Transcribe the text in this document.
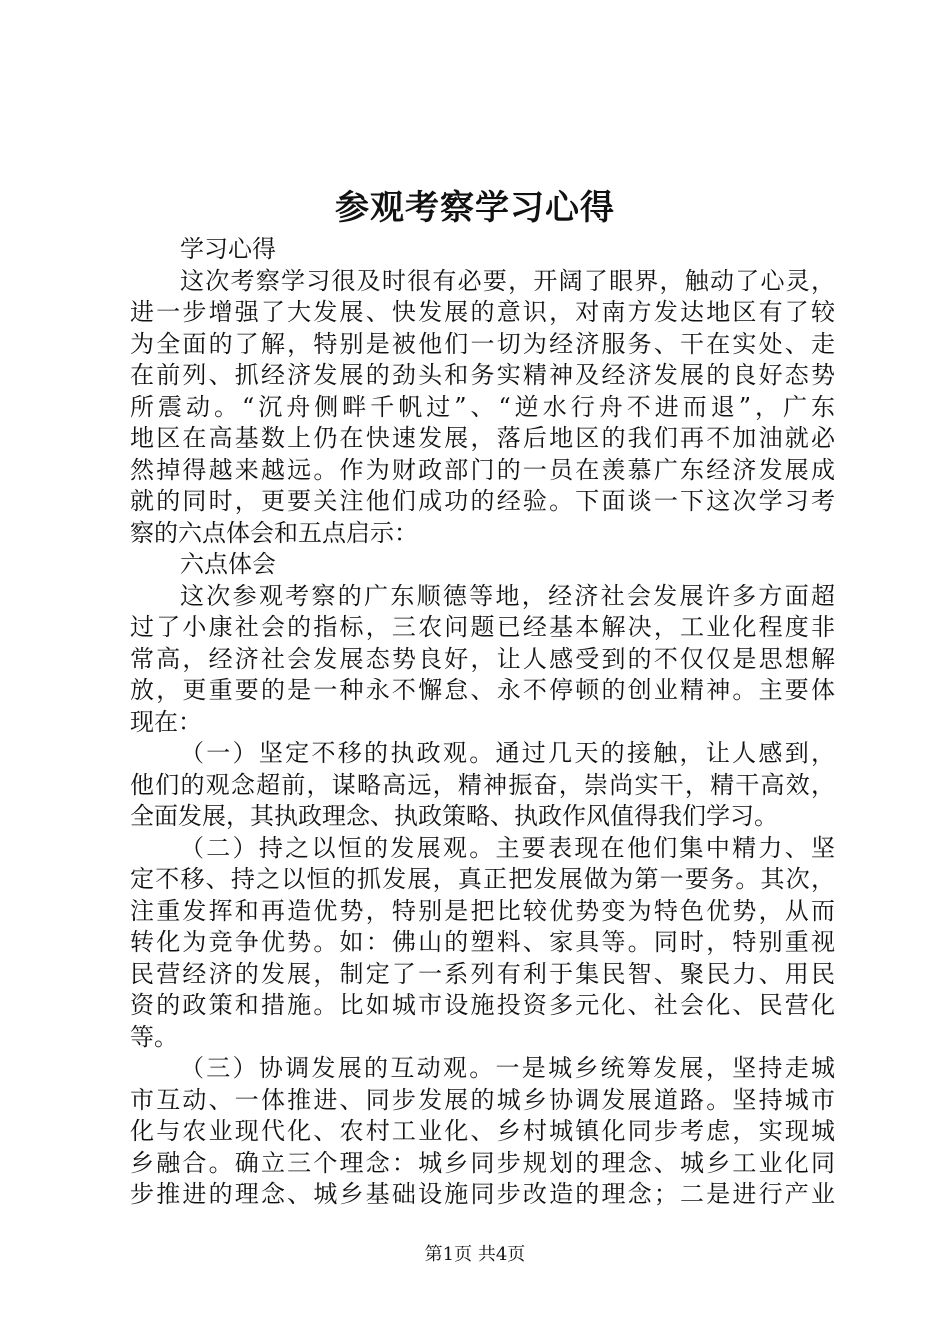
参观考察学习心得
学习心得
这次考察学习很及时很有必要，开阔了眼界，触动了心灵，
进一步增强了大发展、快发展的意识，对南方发达地区有了较
为全面的了解，特别是被他们一切为经济服务、干在实处、走
在前列、抓经济发展的劲头和务实精神及经济发展的良好态势
所震动。“沉舟侧畔千帆过”、“逆水行舟不进而退”，广东
地区在高基数上仍在快速发展，落后地区的我们再不加油就必
然掉得越来越远。作为财政部门的一员在羡慕广东经济发展成
就的同时，更要关注他们成功的经验。下面谈一下这次学习考
察的六点体会和五点启示：
六点体会
这次参观考察的广东顺德等地，经济社会发展许多方面超
过了小康社会的指标，三农问题已经基本解决，工业化程度非
常高，经济社会发展态势良好，让人感受到的不仅仅是思想解
放，更重要的是一种永不懈怠、永不停顿的创业精神。主要体
现在：
（一）坚定不移的执政观。通过几天的接触，让人感到，
他们的观念超前，谋略高远，精神振奋，崇尚实干，精干高效，
全面发展，其执政理念、执政策略、执政作风值得我们学习。
（二）持之以恒的发展观。主要表现在他们集中精力、坚
定不移、持之以恒的抓发展，真正把发展做为第一要务。其次，
注重发挥和再造优势，特别是把比较优势变为特色优势，从而
转化为竞争优势。如：佛山的塑料、家具等。同时，特别重视
民营经济的发展，制定了一系列有利于集民智、聚民力、用民
资的政策和措施。比如城市设施投资多元化、社会化、民营化
等。
（三）协调发展的互动观。一是城乡统筹发展，坚持走城
市互动、一体推进、同步发展的城乡协调发展道路。坚持城市
化与农业现代化、农村工业化、乡村城镇化同步考虑，实现城
乡融合。确立三个理念：城乡同步规划的理念、城乡工业化同
步推进的理念、城乡基础设施同步改造的理念；二是进行产业
第1页 共4页
